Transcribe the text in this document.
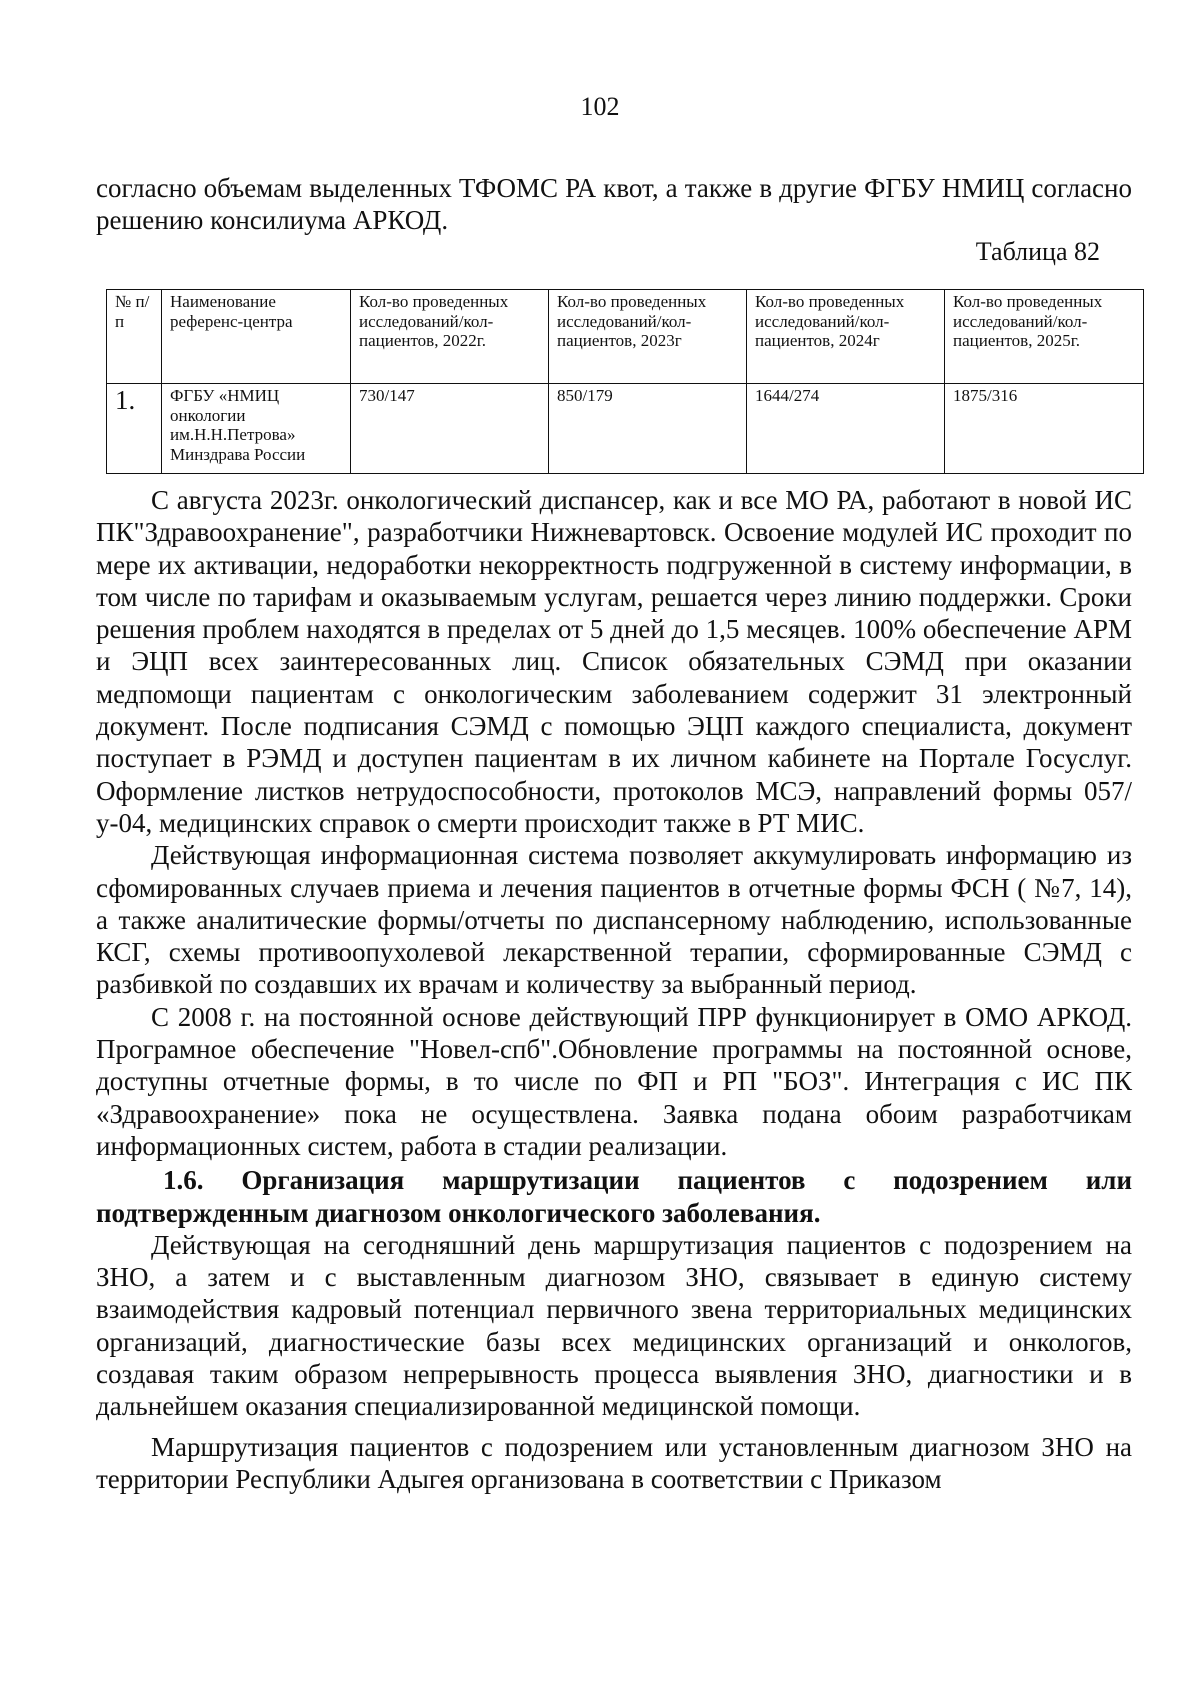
102

согласно объемам выделенных ТФОМС РА квот, а также в другие ФГБУ НМИЦ согласно решению консилиума АРКОД.

Таблица 82
№ п/п	Наименование референс-центра	Кол-во проведенных исследований/кол-пациентов, 2022г.	Кол-во проведенных исследований/кол-пациентов, 2023г	Кол-во проведенных исследований/кол-пациентов, 2024г	Кол-во проведенных исследований/кол-пациентов, 2025г.
1.	ФГБУ «НМИЦ онкологии им.Н.Н.Петрова» Минздрава России	730/147	850/179	1644/274	1875/316

С августа 2023г. онкологический диспансер, как и все МО РА, работают в новой ИС ПК"Здравоохранение", разработчики Нижневартовск. Освоение модулей ИС проходит по мере их активации, недоработки некорректность подгруженной в систему информации, в том числе по тарифам и оказываемым услугам, решается через линию поддержки. Сроки решения проблем находятся в пределах от 5 дней до 1,5 месяцев. 100% обеспечение АРМ и ЭЦП всех заинтересованных лиц. Список обязательных СЭМД при оказании медпомощи пациентам с онкологическим заболеванием содержит 31 электронный документ. После подписания СЭМД с помощью ЭЦП каждого специалиста, документ поступает в РЭМД и доступен пациентам в их личном кабинете на Портале Госуслуг. Оформление листков нетрудоспособности, протоколов МСЭ, направлений формы 057/у-04, медицинских справок о смерти происходит также в РТ МИС.

Действующая информационная система позволяет аккумулировать информацию из сфомированных случаев приема и лечения пациентов в отчетные формы ФСН ( №7, 14), а также аналитические формы/отчеты по диспансерному наблюдению, использованные КСГ, схемы противоопухолевой лекарственной терапии, сформированные СЭМД с разбивкой по создавших их врачам и количеству за выбранный период.

С 2008 г. на постоянной основе действующий ПРР функционирует в ОМО АРКОД. Програмное обеспечение "Новел-спб".Обновление программы на постоянной основе, доступны отчетные формы, в то числе по ФП и РП "БОЗ". Интеграция с ИС ПК «Здравоохранение» пока не осуществлена. Заявка подана обоим разработчикам информационных систем, работа в стадии реализации.

1.6. Организация маршрутизации пациентов с подозрением или подтвержденным диагнозом онкологического заболевания.

Действующая на сегодняшний день маршрутизация пациентов с подозрением на ЗНО, а затем и с выставленным диагнозом ЗНО, связывает в единую систему взаимодействия кадровый потенциал первичного звена территориальных медицинских организаций, диагностические базы всех медицинских организаций и онкологов, создавая таким образом непрерывность процесса выявления ЗНО, диагностики и в дальнейшем оказания специализированной медицинской помощи.

Маршрутизация пациентов с подозрением или установленным диагнозом ЗНО на территории Республики Адыгея организована в соответствии с Приказом
